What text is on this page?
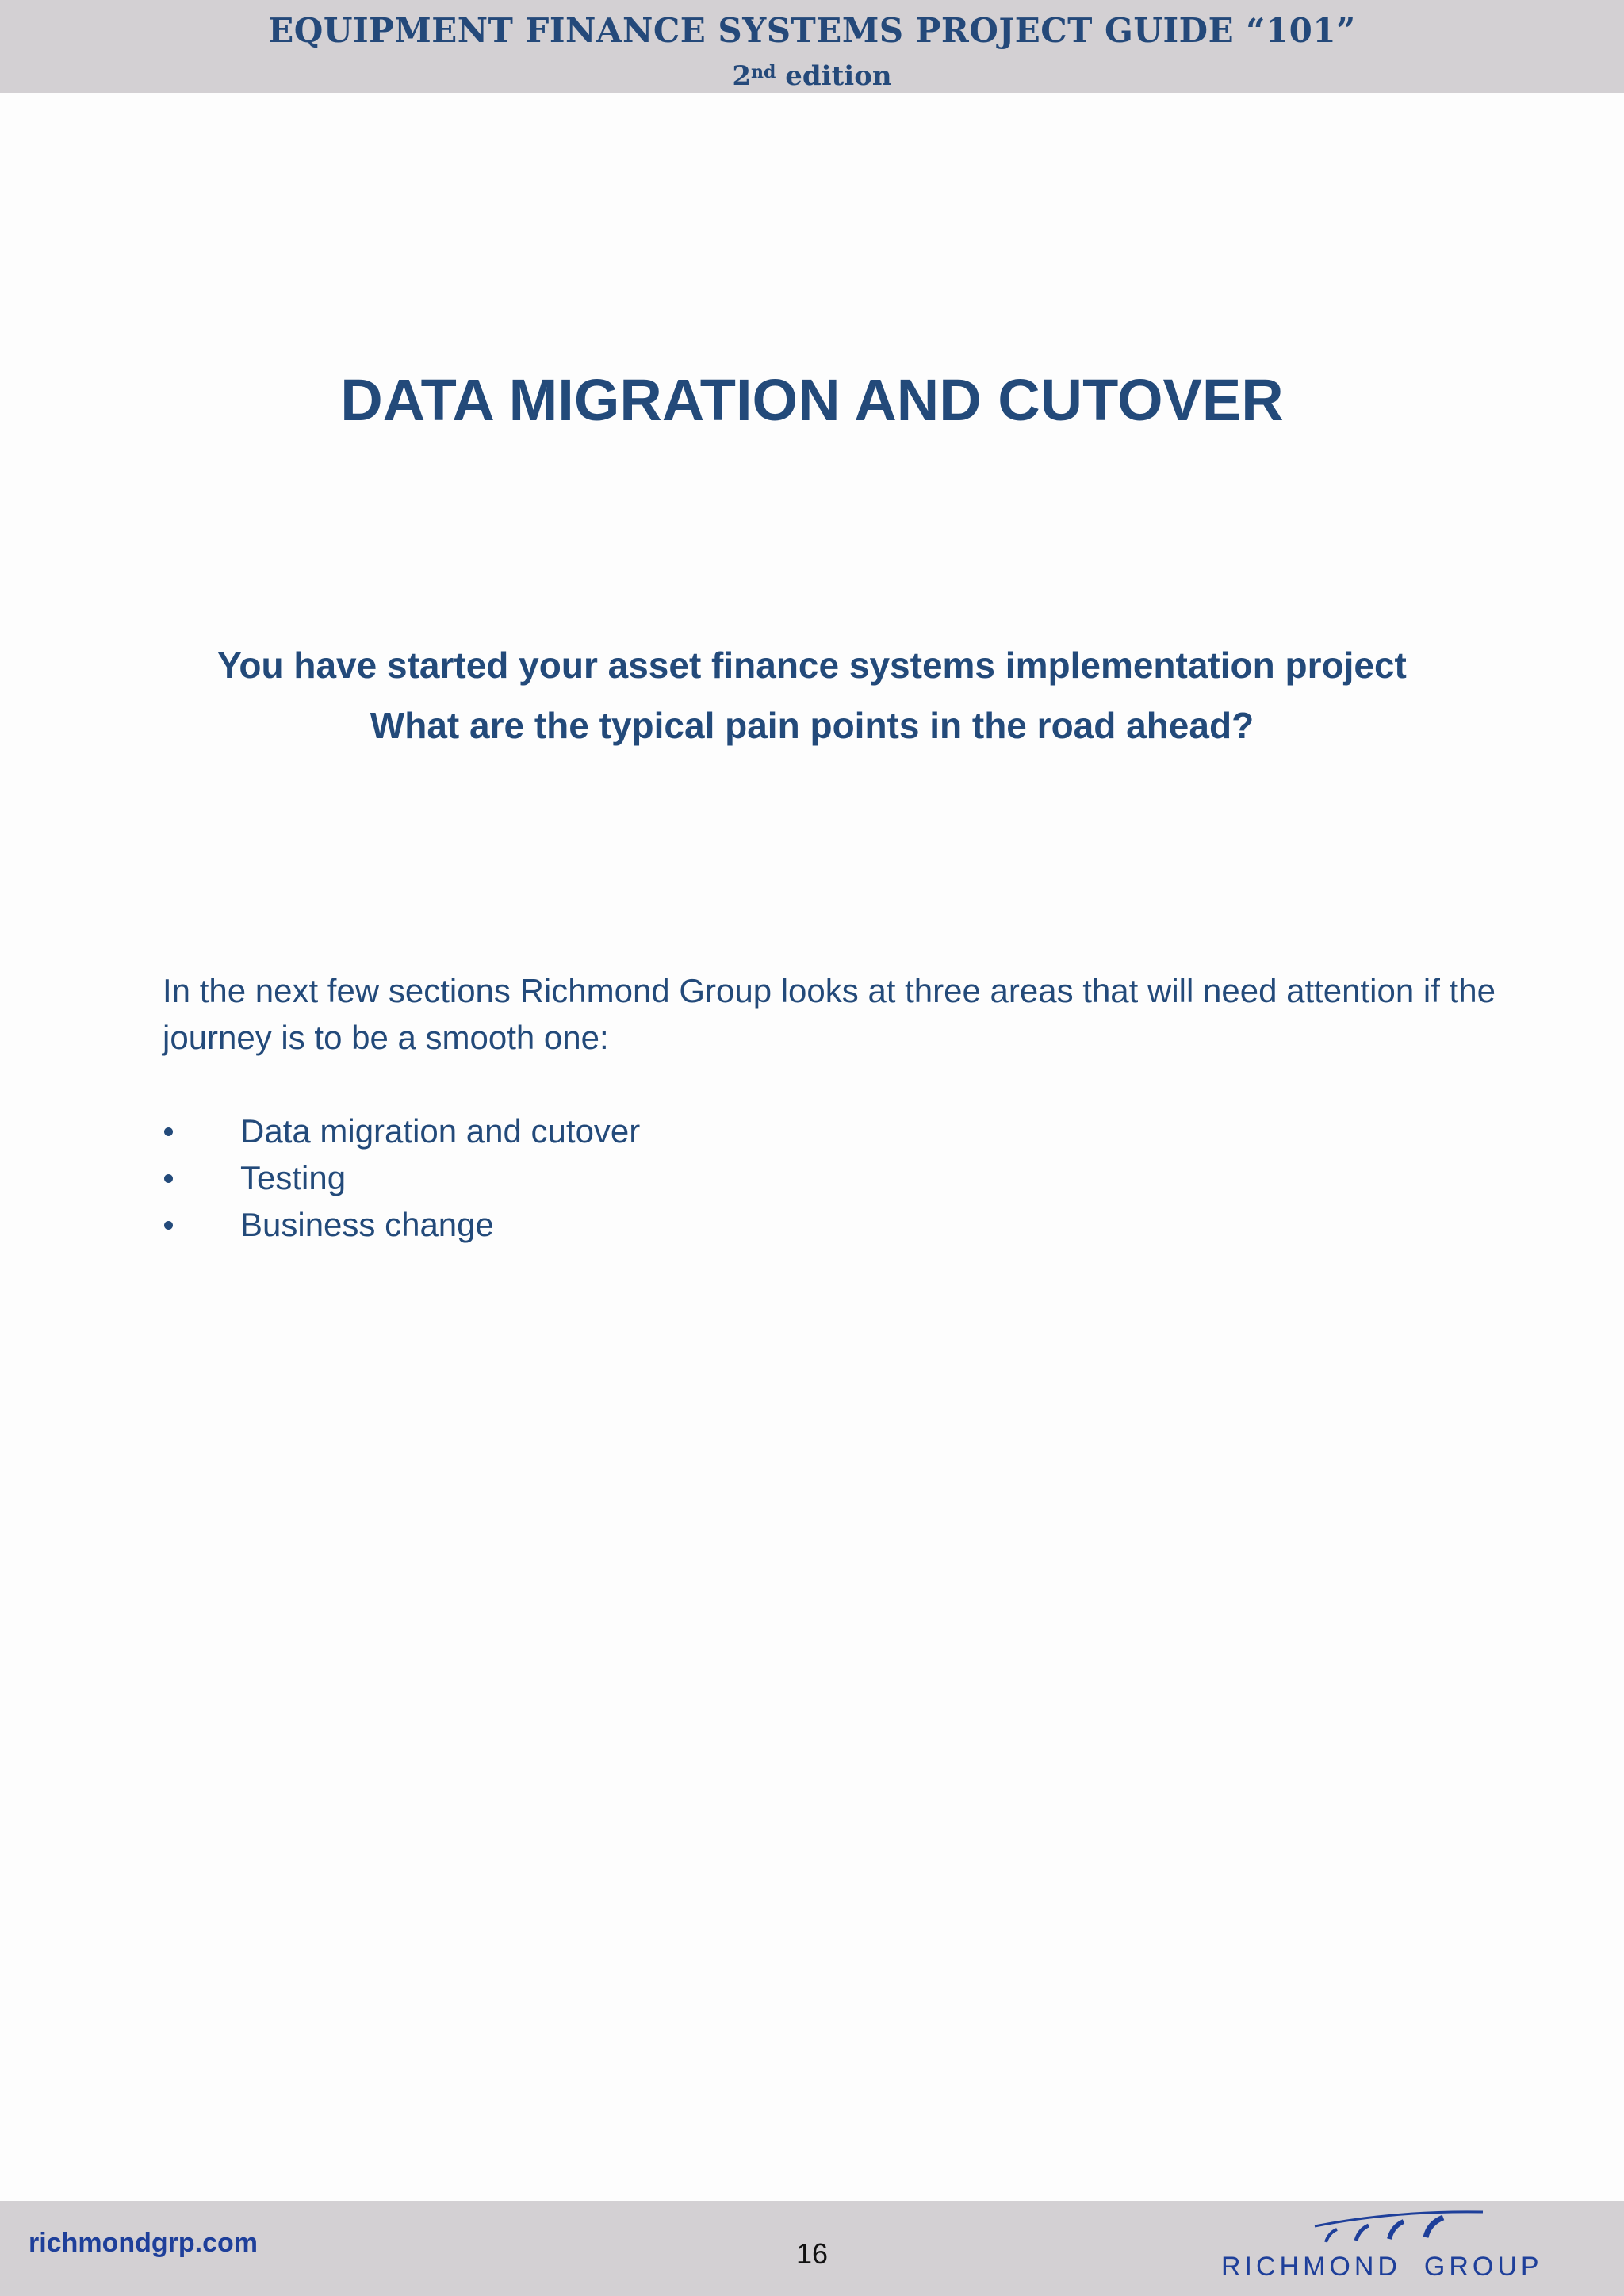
EQUIPMENT FINANCE SYSTEMS PROJECT GUIDE “101”
2nd edition
DATA MIGRATION AND CUTOVER
You have started your asset finance systems implementation project
What are the typical pain points in the road ahead?
In the next few sections Richmond Group looks at three areas that will need attention if the journey is to be a smooth one:
Data migration and cutover
Testing
Business change
richmondgrp.com	16	RICHMOND  GROUP
